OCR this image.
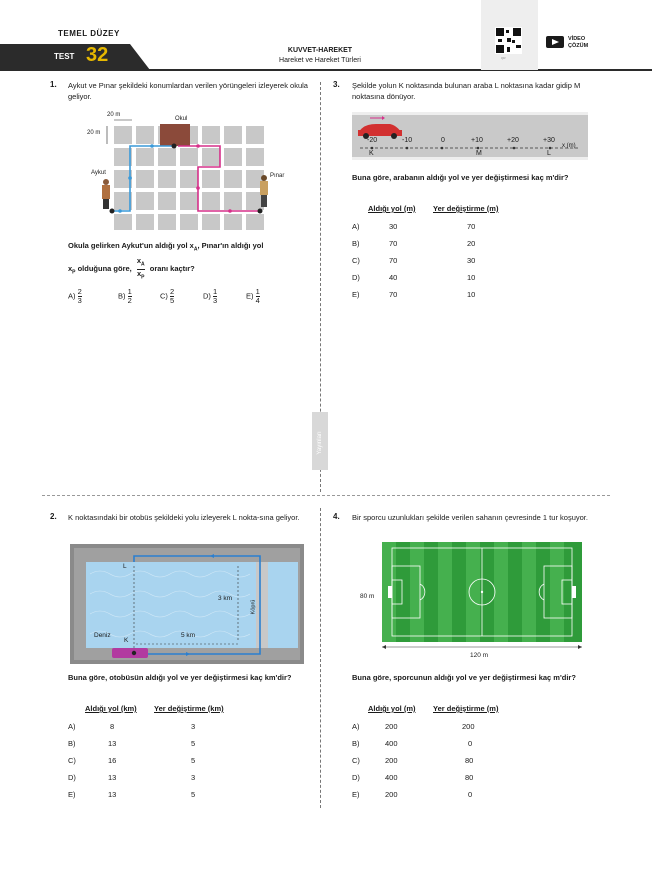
TEMEL DÜZEY
TEST 32	KUVVET-HAREKET
Hareket ve Hareket Türleri	QR
VİDEO
ÇÖZÜM
Yayınları
1. Aykut ve Pınar şekildeki konumlardan verilen yörüngeleri izleyerek okula geliyor.
Okul
20 m
20 m
Aykut	Pınar
Okula gelirken Aykut'un aldığı yol $x_A$, Pınar'ın aldığı yol
$x_P$ olduğuna göre, $\frac{x_A}{x_P}$ oranı kaçtır?
$A) \frac{2}{3}$	$B) \frac{1}{2}$	$C) \frac{2}{5}$	$D) \frac{1}{3}$	$E) \frac{1}{4}$
3. Şekilde yolun K noktasında bulunan araba L noktasına kadar gidip M noktasına dönüyor.
-20	-10	0	+10	+20	+30
x (m)
K	M	L
Buna göre, arabanın aldığı yol ve yer değiştirmesi kaç m'dir?
Aldığı yol (m) Yer değiştirme (m)
A)	30	70
B)	70	20
C)	70	30
D)	40	10
E)	70	10
2. K noktasındaki bir otobüs şekildeki yolu izleyerek L nokta-sına geliyor.
L
K
Deniz
3 km
5 km
Köprü
Buna göre, otobüsün aldığı yol ve yer değiştirmesi kaç km'dir?
Aldığı yol (km) Yer değiştirme (km)
A)	8	3
B)	13	5
C)	16	5
D)	13	3
E)	13	5
4. Bir sporcu uzunlukları şekilde verilen sahanın çevresinde 1 tur koşuyor.
80 m
120 m
Buna göre, sporcunun aldığı yol ve yer değiştirmesi kaç m'dir?
Aldığı yol (m) Yer değiştirme (m)
A)	200	200
B)	400	0
C)	200	80
D)	400	80
E)	200	0
